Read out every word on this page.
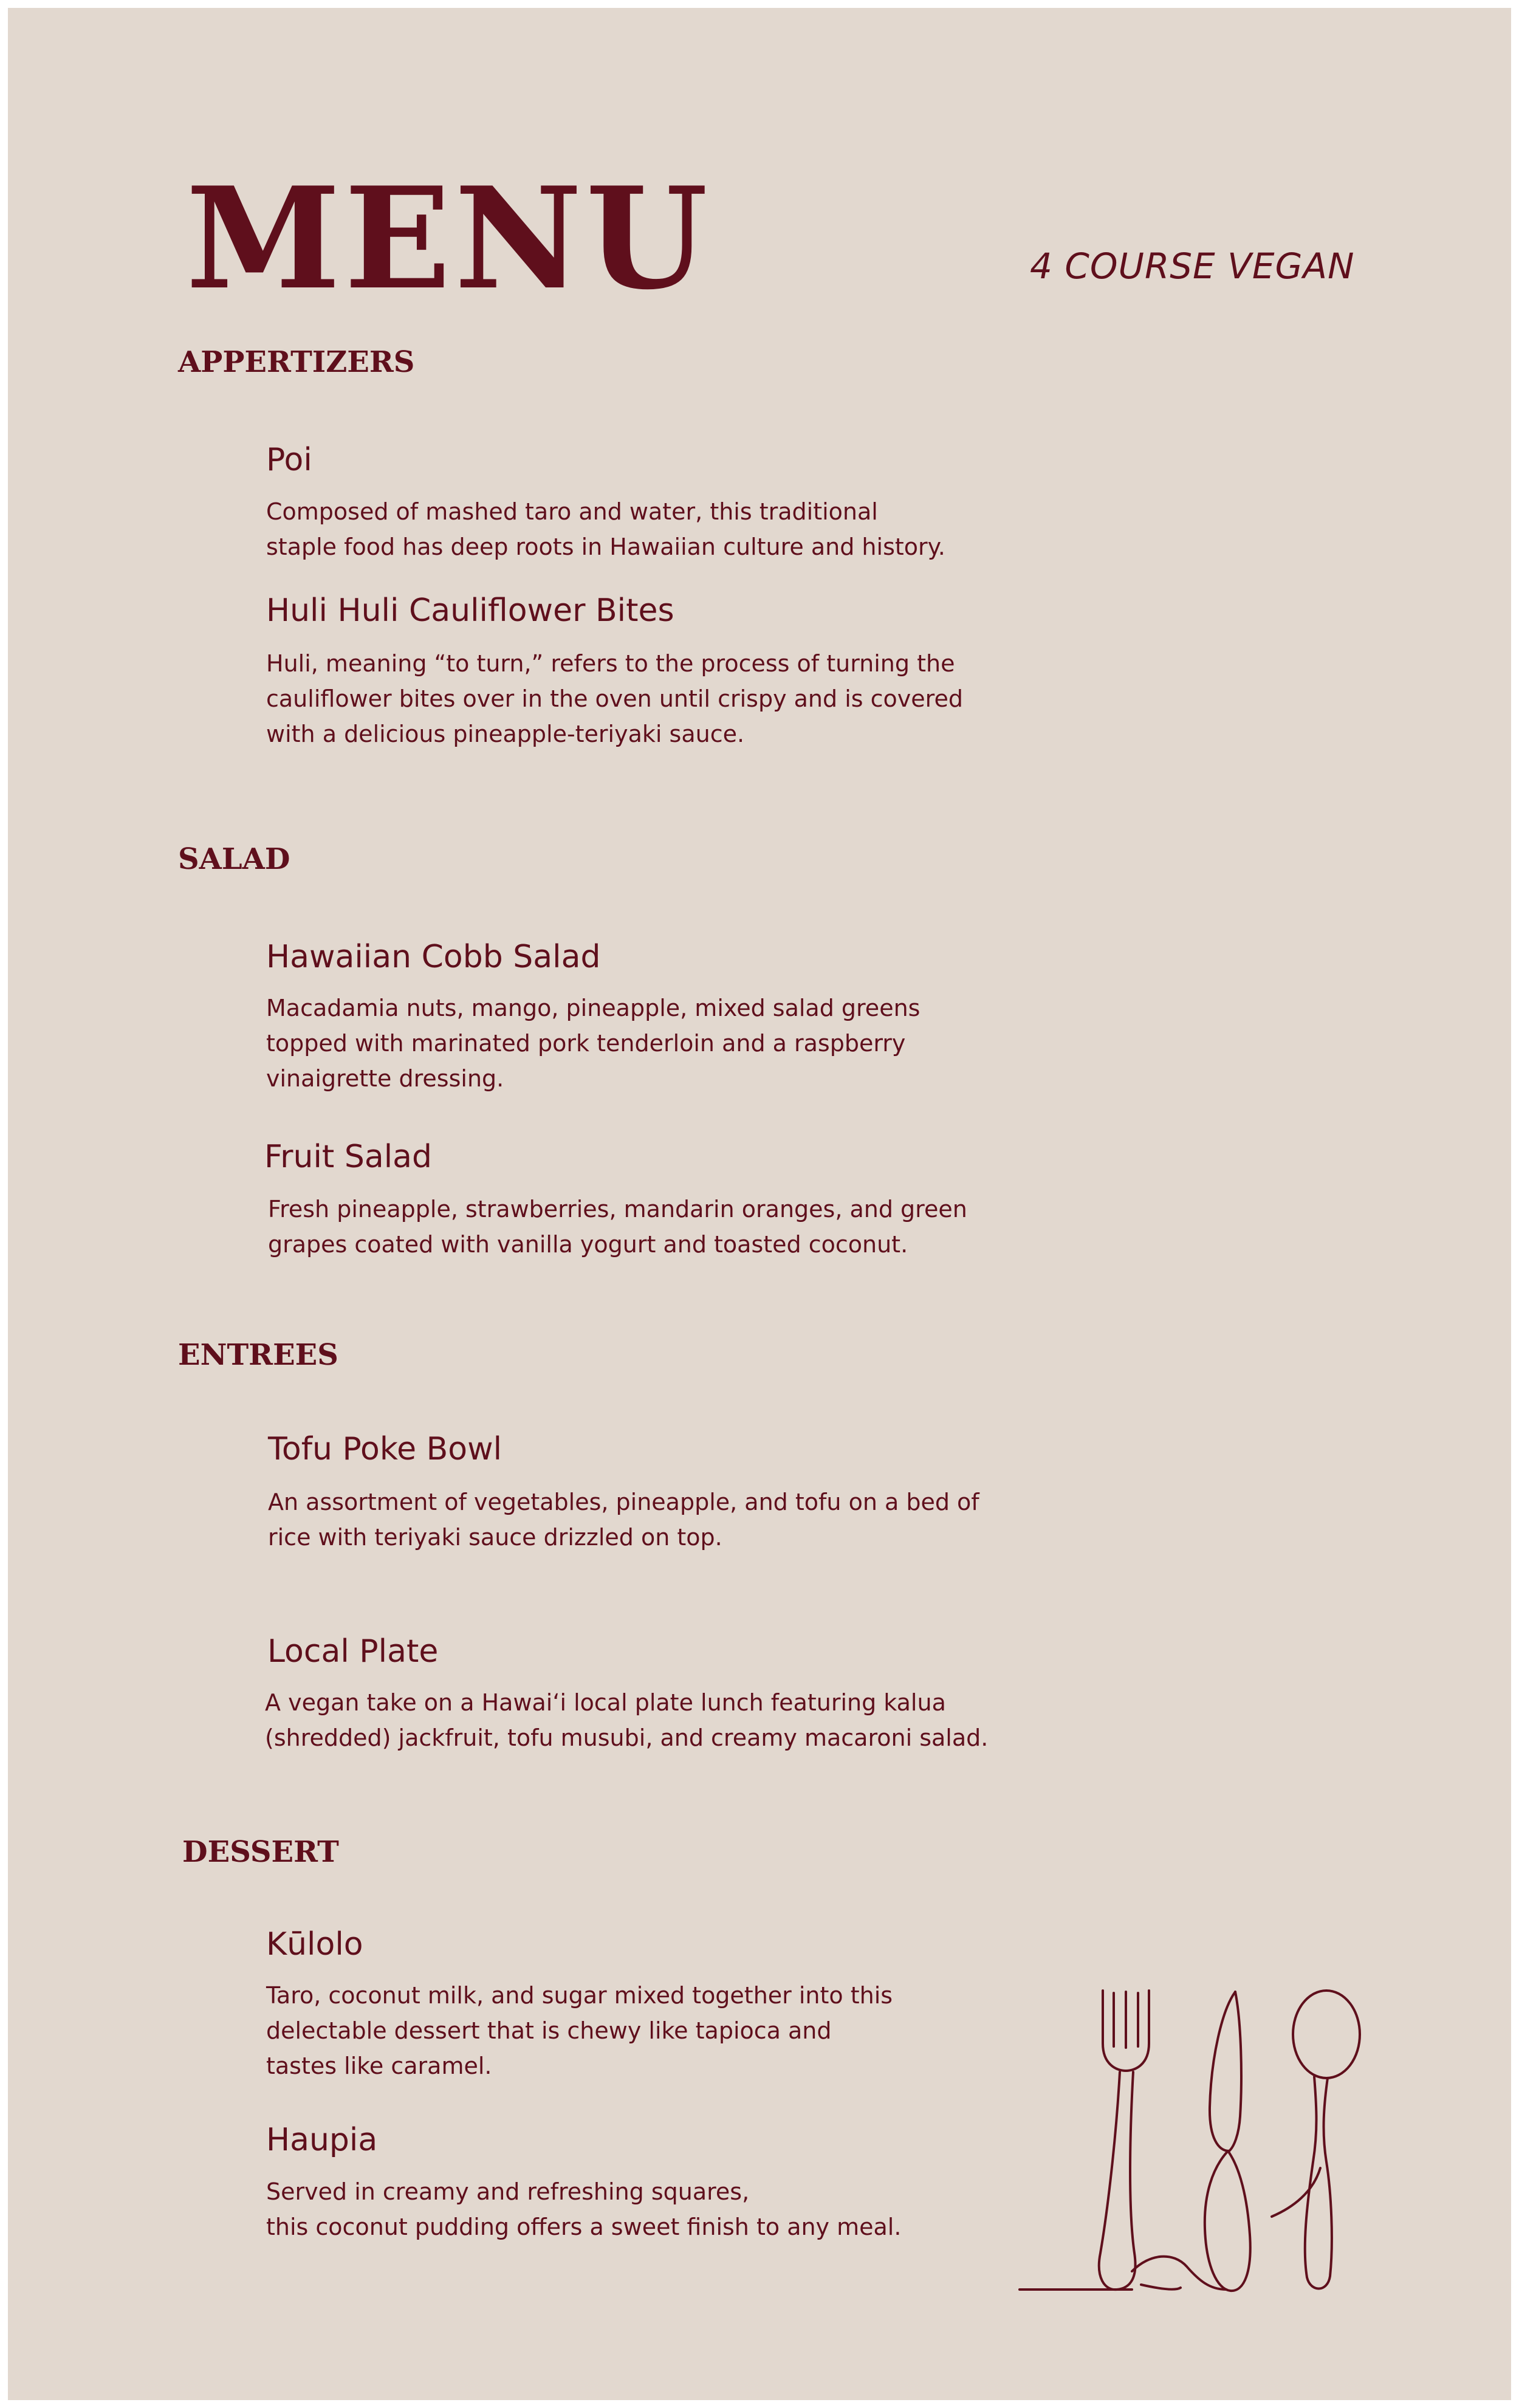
MENU	4 COURSE VEGAN
APPERTIZERS
Poi

Composed of mashed taro and water, this traditional
staple food has deep roots in Hawaiian culture and history.

Huli Huli Cauliflower Bites

Huli, meaning “to turn,” refers to the process of turning the
cauliflower bites over in the oven until crispy and is covered
with a delicious pineapple-teriyaki sauce.

SALAD
Hawaiian Cobb Salad

Macadamia nuts, mango, pineapple, mixed salad greens
topped with marinated pork tenderloin and a raspberry
vinaigrette dressing.

Fruit Salad

Fresh pineapple, strawberries, mandarin oranges, and green
grapes coated with vanilla yogurt and toasted coconut.

ENTREES
Tofu Poke Bowl

An assortment of vegetables, pineapple, and tofu on a bed of
rice with teriyaki sauce drizzled on top.

Local Plate

A vegan take on a Hawai‘i local plate lunch featuring kalua
(shredded) jackfruit, tofu musubi, and creamy macaroni salad.

DESSERT
Kūlolo

Taro, coconut milk, and sugar mixed together into this
delectable dessert that is chewy like tapioca and
tastes like caramel.

Haupia

Served in creamy and refreshing squares,
this coconut pudding offers a sweet finish to any meal.
